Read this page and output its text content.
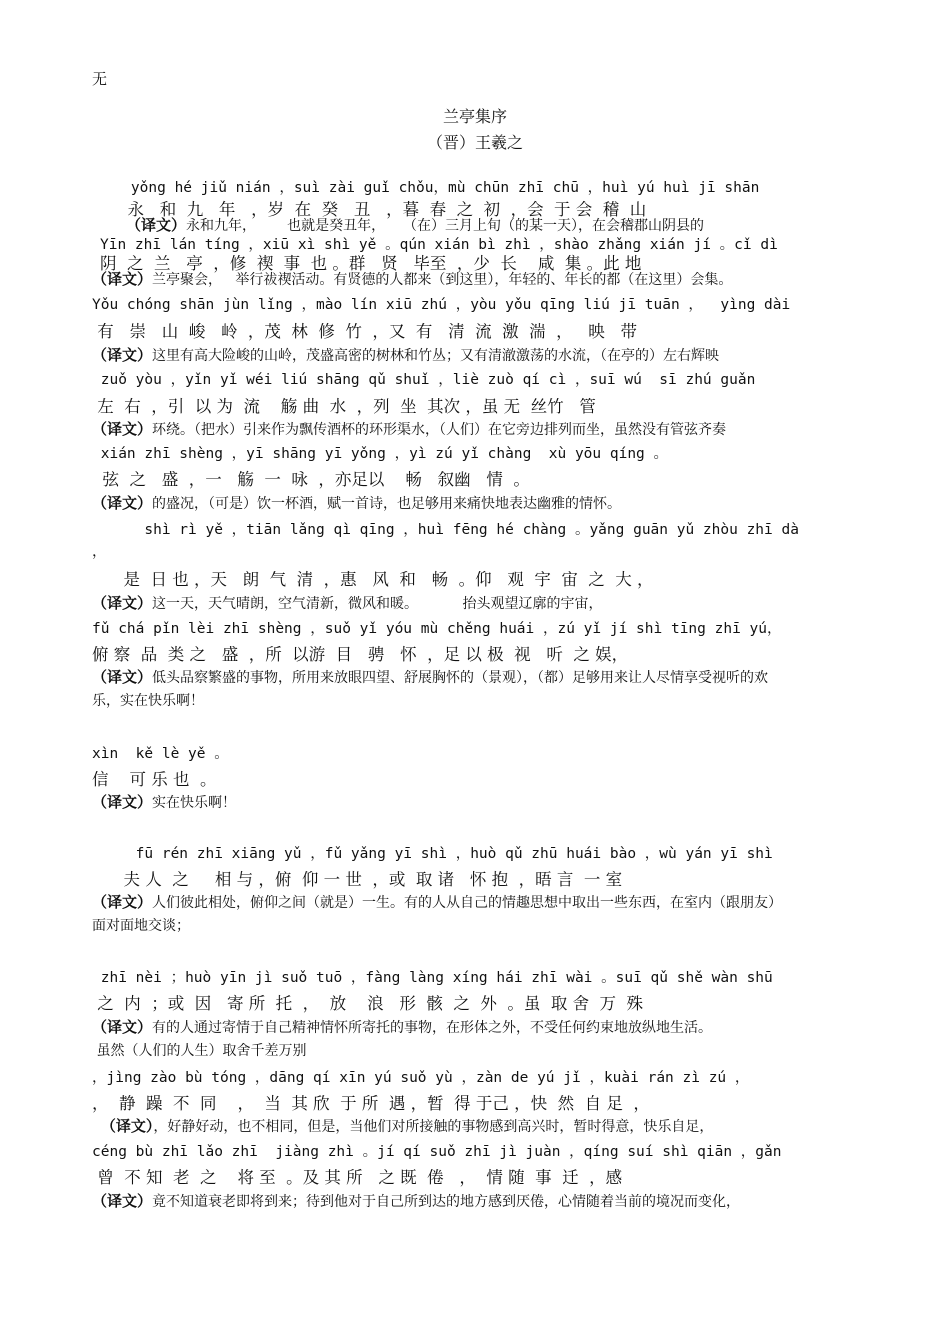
无

兰亭集序

（晋）王羲之

yǒng hé jiǔ nián ，suì zài guǐ chǒu，mù chūn zhī chū ，huì yú huì jī shān

永   和  九   年   ，岁  在  癸   丑   ，暮  春  之  初  ，会  于 会  稽  山

（译文）永和九年，       也就是癸丑年，    （在）三月上旬（的某一天），在会稽郡山阴县的

Yīn zhī lán tíng ，xiū xì shì yě 。qún xián bì zhì ，shào zhǎng xián jí 。cǐ dì

阴  之  兰   亭  ，修  禊  事  也 。群   贤   毕至  ，少  长    咸  集 。此 地

（译文）兰亭聚会，   举行祓禊活动。有贤德的人都来（到这里），年轻的、年长的都（在这里）会集。

Yǒu chóng shān jùn lǐng ，mào lín xiū zhú ，yòu yǒu qīng liú jī tuān ，  yìng dài

有   崇   山  峻   岭  ，茂  林  修  竹  ，又  有   清  流  激  湍  ，   映   带

（译文）这里有高大险峻的山岭，茂盛高密的树林和竹丛；又有清澈激荡的水流，（在亭的）左右辉映

zuǒ yòu ，yǐn yǐ wéi liú shāng qǔ shuǐ ，liè zuò qí cì ，suī wú  sī zhú guǎn

左  右  ，引  以 为  流    觞 曲  水  ，列  坐  其次 ，虽 无  丝竹   管

（译文）环绕。（把水）引来作为飘传酒杯的环形渠水，（人们）在它旁边排列而坐，虽然没有管弦齐奏

xián zhī shèng ，yī shāng yī yǒng ，yì zú yǐ chàng  xù yōu qíng 。

弦  之   盛  ，一   觞  一  咏  ，亦足以    畅   叙幽   情  。

（译文）的盛况，（可是）饮一杯酒，赋一首诗，也足够用来痛快地表达幽雅的情怀。

shì rì yě ，tiān lǎng qì qīng ，huì fēng hé chàng 。yǎng guān yǔ zhòu zhī dà

，

是  日 也 ，天   朗  气  清  ，惠   风  和   畅  。仰   观  宇  宙  之  大 ，

（译文）这一天，天气晴朗，空气清新，微风和暖。          抬头观望辽廓的宇宙，

fǔ chá pǐn lèi zhī shèng ，suǒ yǐ yóu mù chěng huái ，zú yǐ jí shì tīng zhī yú，

俯 察  品  类 之   盛  ，所  以游  目   骋   怀  ，足 以 极  视   听  之 娱，

（译文）低头品察繁盛的事物，所用来放眼四望、舒展胸怀的（景观），（都）足够用来让人尽情享受视听的欢

乐，实在快乐啊！

xìn  kě lè yě 。

信    可 乐 也  。

（译文）实在快乐啊！

fū rén zhī xiāng yǔ ，fǔ yǎng yī shì ，huò qǔ zhū huái bào ，wù yán yī shì

夫 人  之     相 与 ，俯  仰 一 世  ，或  取 诸   怀 抱  ，晤 言  一 室

（译文）人们彼此相处，俯仰之间（就是）一生。有的人从自己的情趣思想中取出一些东西，在室内（跟朋友）

面对面地交谈；

zhī nèi ；huò yīn jì suǒ tuō ，fàng làng xíng hái zhī wài 。suī qǔ shě wàn shū

之  内  ；或  因   寄 所  托  ，  放    浪   形  骸  之  外  。虽  取 舍  万  殊

（译文）有的人通过寄情于自己精神情怀所寄托的事物，在形体之外，不受任何约束地放纵地生活。

虽然（人们的人生）取舍千差万别

，jìng zào bù tóng ，dāng qí xīn yú suǒ yù ，zàn de yú jǐ ，kuài rán zì zú ，

，  静  躁  不  同    ，  当  其 欣  于 所  遇 ，暂  得 于己 ，快  然  自 足  ，

（译文），好静好动，也不相同，但是，当他们对所接触的事物感到高兴时，暂时得意，快乐自足，

céng bù zhī lǎo zhī  jiàng zhì 。jí qí suǒ zhī jì juàn ，qíng suí shì qiān ，gǎn

曾  不 知  老  之    将 至  。及 其 所   之 既  倦   ，  情 随  事  迁  ，感

（译文）竟不知道衰老即将到来；待到他对于自己所到达的地方感到厌倦，心情随着当前的境况而变化，
